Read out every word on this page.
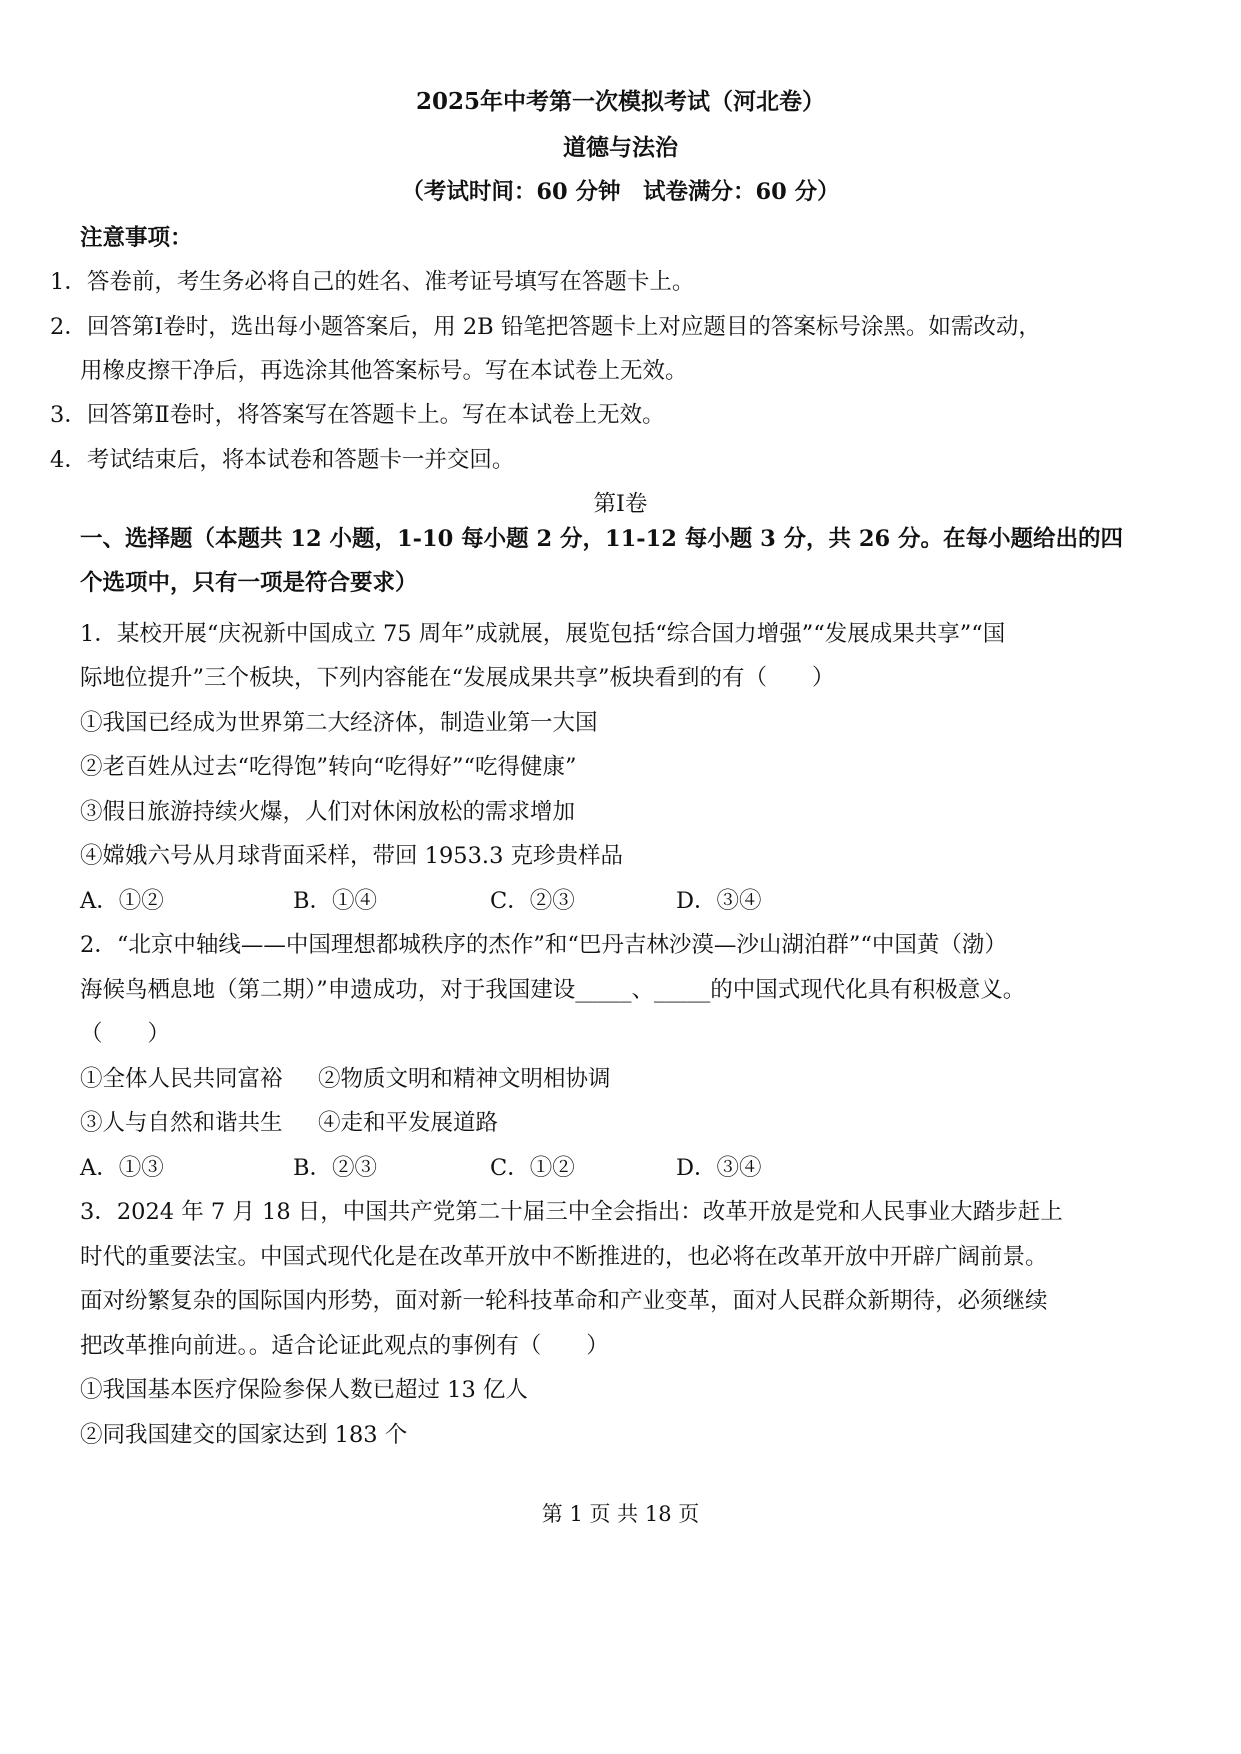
2025年中考第一次模拟考试（河北卷）
道德与法治
（考试时间：60 分钟　试卷满分：60 分）
注意事项：
1．答卷前，考生务必将自己的姓名、准考证号填写在答题卡上。
2．回答第Ⅰ卷时，选出每小题答案后，用 2B 铅笔把答题卡上对应题目的答案标号涂黑。如需改动，
用橡皮擦干净后，再选涂其他答案标号。写在本试卷上无效。
3．回答第Ⅱ卷时，将答案写在答题卡上。写在本试卷上无效。
4．考试结束后，将本试卷和答题卡一并交回。
第Ⅰ卷
一、选择题（本题共 12 小题，1-10 每小题 2 分，11-12 每小题 3 分，共 26 分。在每小题给出的四
个选项中，只有一项是符合要求）
1．某校开展“庆祝新中国成立 75 周年”成就展，展览包括“综合国力增强”“发展成果共享”“国
际地位提升”三个板块，下列内容能在“发展成果共享”板块看到的有（　　）
①我国已经成为世界第二大经济体，制造业第一大国
②老百姓从过去“吃得饱”转向“吃得好”“吃得健康”
③假日旅游持续火爆，人们对休闲放松的需求增加
④嫦娥六号从月球背面采样，带回 1953.3 克珍贵样品
A．①②	B．①④	C．②③	D．③④
2．“北京中轴线——中国理想都城秩序的杰作”和“巴丹吉林沙漠—沙山湖泊群”“中国黄（渤）
海候鸟栖息地（第二期）”申遗成功，对于我国建设_____、_____的中国式现代化具有积极意义。
（　　）
①全体人民共同富裕 ②物质文明和精神文明相协调
③人与自然和谐共生 ④走和平发展道路
A．①③	B．②③	C．①②	D．③④
3．2024 年 7 月 18 日，中国共产党第二十届三中全会指出：改革开放是党和人民事业大踏步赶上
时代的重要法宝。中国式现代化是在改革开放中不断推进的，也必将在改革开放中开辟广阔前景。
面对纷繁复杂的国际国内形势，面对新一轮科技革命和产业变革，面对人民群众新期待，必须继续
把改革推向前进。。适合论证此观点的事例有（　　）
①我国基本医疗保险参保人数已超过 13 亿人
②同我国建交的国家达到 183 个
第 1 页 共 18 页
